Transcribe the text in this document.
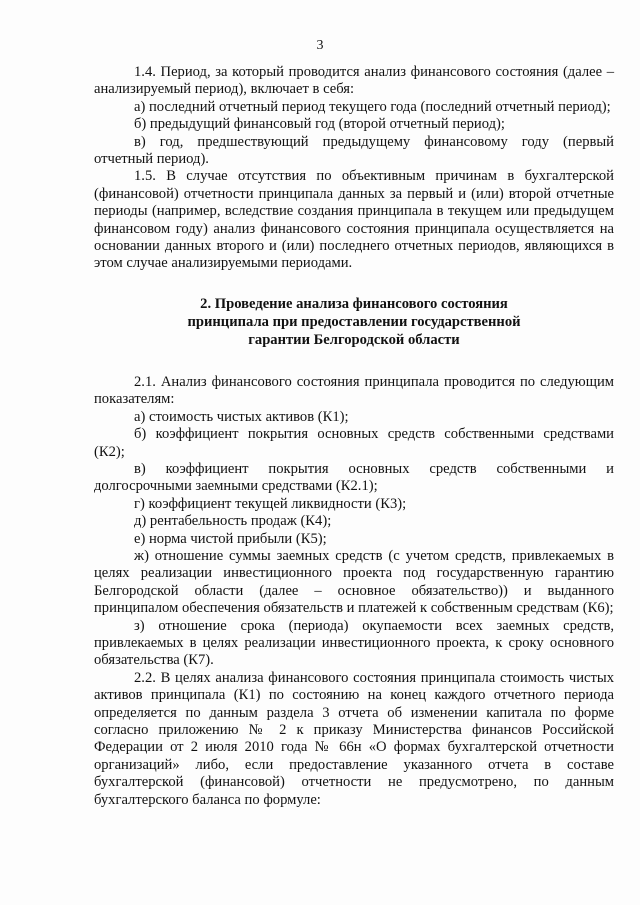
3

1.4. Период, за который проводится анализ финансового состояния (далее – анализируемый период), включает в себя:

а) последний отчетный период текущего года (последний отчетный период);

б) предыдущий финансовый год (второй отчетный период);

в) год, предшествующий предыдущему финансовому году (первый отчетный период).

1.5. В случае отсутствия по объективным причинам в бухгалтерской (финансовой) отчетности принципала данных за первый и (или) второй отчетные периоды (например, вследствие создания принципала в текущем или предыдущем финансовом году) анализ финансового состояния принципала осуществляется на основании данных второго и (или) последнего отчетных периодов, являющихся в этом случае анализируемыми периодами.

2. Проведение анализа финансового состояния
принципала при предоставлении государственной
гарантии Белгородской области

2.1. Анализ финансового состояния принципала проводится по следующим показателям:

а) стоимость чистых активов (К1);

б) коэффициент покрытия основных средств собственными средствами (К2);

в) коэффициент покрытия основных средств собственными и долгосрочными заемными средствами (К2.1);

г) коэффициент текущей ликвидности (К3);

д) рентабельность продаж (К4);

е) норма чистой прибыли (К5);

ж) отношение суммы заемных средств (с учетом средств, привлекаемых в целях реализации инвестиционного проекта под государственную гарантию Белгородской области (далее – основное обязательство)) и выданного принципалом обеспечения обязательств и платежей к собственным средствам (К6);

з) отношение срока (периода) окупаемости всех заемных средств, привлекаемых в целях реализации инвестиционного проекта, к сроку основного обязательства (К7).

2.2. В целях анализа финансового состояния принципала стоимость чистых активов принципала (К1) по состоянию на конец каждого отчетного периода определяется по данным раздела 3 отчета об изменении капитала по форме согласно приложению № 2 к приказу Министерства финансов Российской Федерации от 2 июля 2010 года № 66н «О формах бухгалтерской отчетности организаций» либо, если предоставление указанного отчета в составе бухгалтерской (финансовой) отчетности не предусмотрено, по данным бухгалтерского баланса по формуле:
